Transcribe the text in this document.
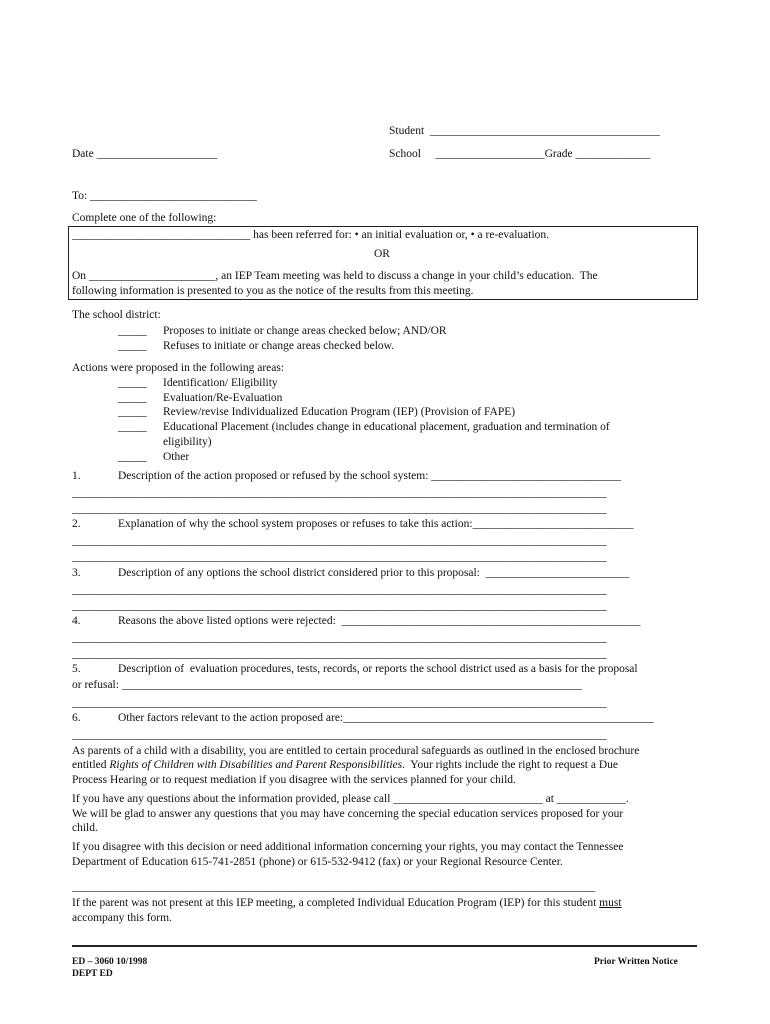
Student  ________________________________________
Date _____________________	School     ___________________Grade _____________
To: _____________________________
Complete one of the following:
_______________________________ has been referred for: • an initial evaluation or, • a re-evaluation.
OR
On ______________________, an IEP Team meeting was held to discuss a change in your child’s education.  The
following information is presented to you as the notice of the results from this meeting.
The school district:
_____ Proposes to initiate or change areas checked below; AND/OR
_____ Refuses to initiate or change areas checked below.
Actions were proposed in the following areas:
_____ Identification/ Eligibility
_____ Evaluation/Re-Evaluation
_____ Review/revise Individualized Education Program (IEP) (Provision of FAPE)
_____ Educational Placement (includes change in educational placement, graduation and termination of
eligibility)
_____ Other
1.	Description of the action proposed or refused by the school system: _________________________________
_____________________________________________________________________________________________
_____________________________________________________________________________________________
2.	Explanation of why the school system proposes or refuses to take this action:____________________________
_____________________________________________________________________________________________
_____________________________________________________________________________________________
3.	Description of any options the school district considered prior to this proposal:  _________________________
_____________________________________________________________________________________________
_____________________________________________________________________________________________
4.	Reasons the above listed options were rejected:  ____________________________________________________
_____________________________________________________________________________________________
_____________________________________________________________________________________________
5.	Description of  evaluation procedures, tests, records, or reports the school district used as a basis for the proposal
or refusal: ________________________________________________________________________________
_____________________________________________________________________________________________
6.	Other factors relevant to the action proposed are:______________________________________________________
_____________________________________________________________________________________________
As parents of a child with a disability, you are entitled to certain procedural safeguards as outlined in the enclosed brochure
entitled Rights of Children with Disabilities and Parent Responsibilities.  Your rights include the right to request a Due
Process Hearing or to request mediation if you disagree with the services planned for your child.
If you have any questions about the information provided, please call __________________________ at ____________.
We will be glad to answer any questions that you may have concerning the special education services proposed for your
child.
If you disagree with this decision or need additional information concerning your rights, you may contact the Tennessee
Department of Education 615-741-2851 (phone) or 615-532-9412 (fax) or your Regional Resource Center.
___________________________________________________________________________________________
If the parent was not present at this IEP meeting, a completed Individual Education Program (IEP) for this student must
accompany this form.
ED – 3060 10/1998
DEPT ED
Prior Written Notice
